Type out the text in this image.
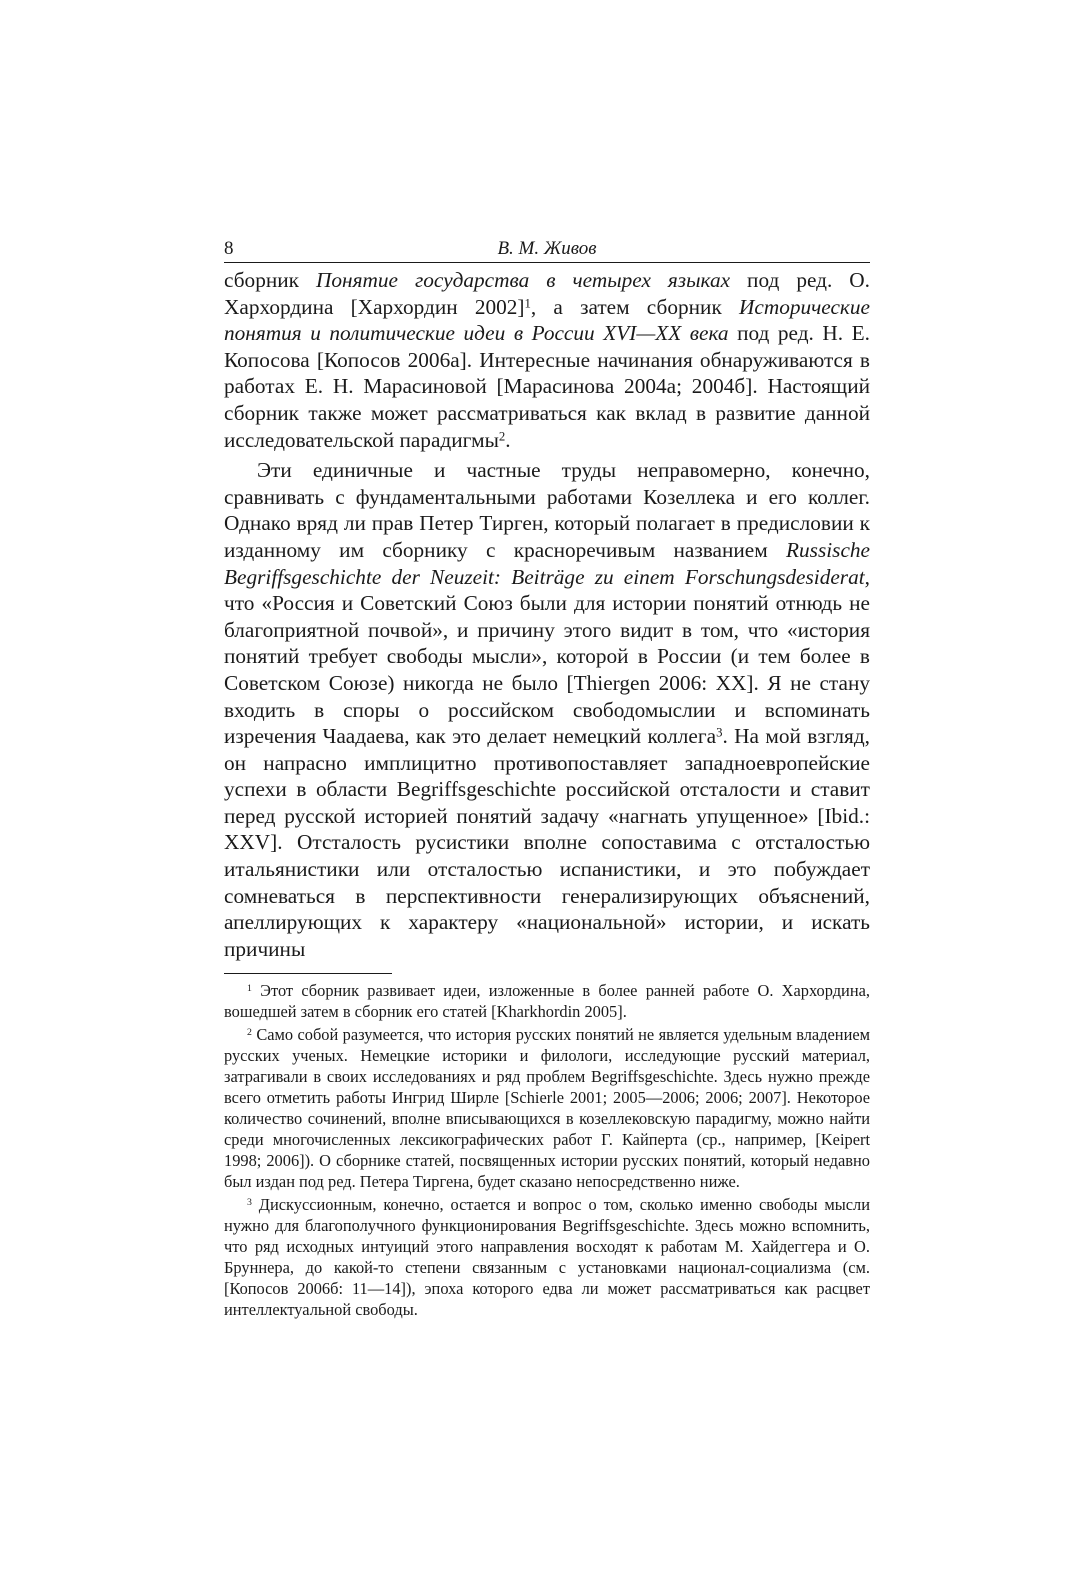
8	В. М. Живов

сборник Понятие государства в четырех языках под ред. О. Хархордина [Хархордин 2002]$^1$, а затем сборник Исторические понятия и политические идеи в России XVI—XX века под ред. Н. Е. Копосова [Копосов 2006а]. Интересные начинания обнаруживаются в работах Е. Н. Марасиновой [Марасинова 2004а; 2004б]. Настоящий сборник также может рассматриваться как вклад в развитие данной исследовательской парадигмы$^2$.

Эти единичные и частные труды неправомерно, конечно, сравнивать с фундаментальными работами Козеллека и его коллег. Однако вряд ли прав Петер Тирген, который полагает в предисловии к изданному им сборнику с красноречивым названием Russische Begriffsgeschichte der Neuzeit: Beiträge zu einem Forschungsdesiderat, что «Россия и Советский Союз были для истории понятий отнюдь не благоприятной почвой», и причину этого видит в том, что «история понятий требует свободы мысли», которой в России (и тем более в Советском Союзе) никогда не было [Thiergen 2006: XX]. Я не стану входить в споры о российском свободомыслии и вспоминать изречения Чаадаева, как это делает немецкий коллега$^3$. На мой взгляд, он напрасно имплицитно противопоставляет западноевропейские успехи в области Begriffsgeschichte российской отсталости и ставит перед русской историей понятий задачу «нагнать упущенное» [Ibid.: XXV]. Отсталость русистики вполне сопоставима с отсталостью итальянистики или отсталостью испанистики, и это побуждает сомневаться в перспективности генерализирующих объяснений, апеллирующих к характеру «национальной» истории, и искать причины

$^1$ Этот сборник развивает идеи, изложенные в более ранней работе О. Хархордина, вошедшей затем в сборник его статей [Kharkhordin 2005].

$^2$ Само собой разумеется, что история русских понятий не является удельным владением русских ученых. Немецкие историки и филологи, исследующие русский материал, затрагивали в своих исследованиях и ряд проблем Begriffsgeschichte. Здесь нужно прежде всего отметить работы Ингрид Ширле [Schierle 2001; 2005—2006; 2006; 2007]. Некоторое количество сочинений, вполне вписывающихся в козеллековскую парадигму, можно найти среди многочисленных лексикографических работ Г. Кайперта (ср., например, [Keipert 1998; 2006]). О сборнике статей, посвященных истории русских понятий, который недавно был издан под ред. Петера Тиргена, будет сказано непосредственно ниже.

$^3$ Дискуссионным, конечно, остается и вопрос о том, сколько именно свободы мысли нужно для благополучного функционирования Begriffsgeschichte. Здесь можно вспомнить, что ряд исходных интуиций этого направления восходят к работам М. Хайдеггера и О. Бруннера, до какой-то степени связанным с установками национал-социализма (см. [Копосов 2006б: 11—14]), эпоха которого едва ли может рассматриваться как расцвет интеллектуальной свободы.
